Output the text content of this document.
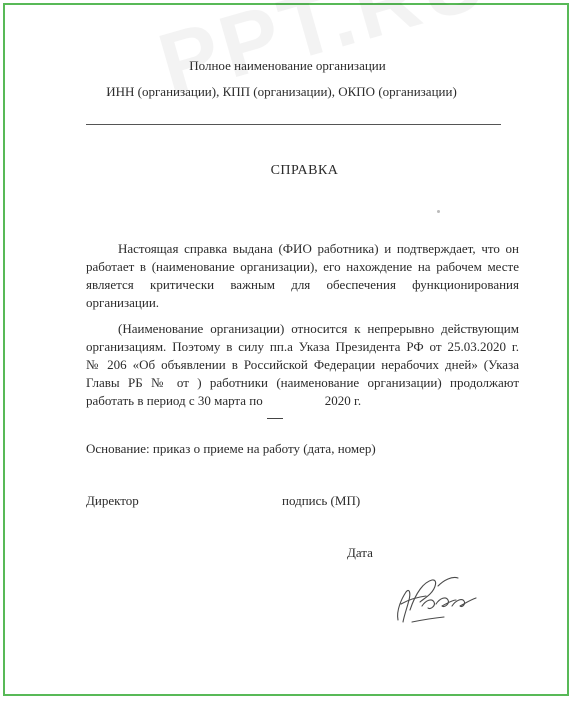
Полное наименование организации
ИНН (организации), КПП (организации), ОКПО (организации)
СПРАВКА
Настоящая справка выдана (ФИО работника) и подтверждает, что он
работает в (наименование организации), его нахождение на рабочем месте
является критически важным для обеспечения функционирования
организации.
(Наименование организации) относится к непрерывно действующим
организациям. Поэтому в силу пп.а Указа Президента РФ от 25.03.2020 г.
№ 206 «Об объявлении в Российской Федерации нерабочих дней» (Указа
Главы РБ № от ) работники (наименование организации) продолжают
работать в период с 30 марта по	2020 г.
Основание: приказ о приеме на работу (дата, номер)
Директор	подпись (МП)
Дата
